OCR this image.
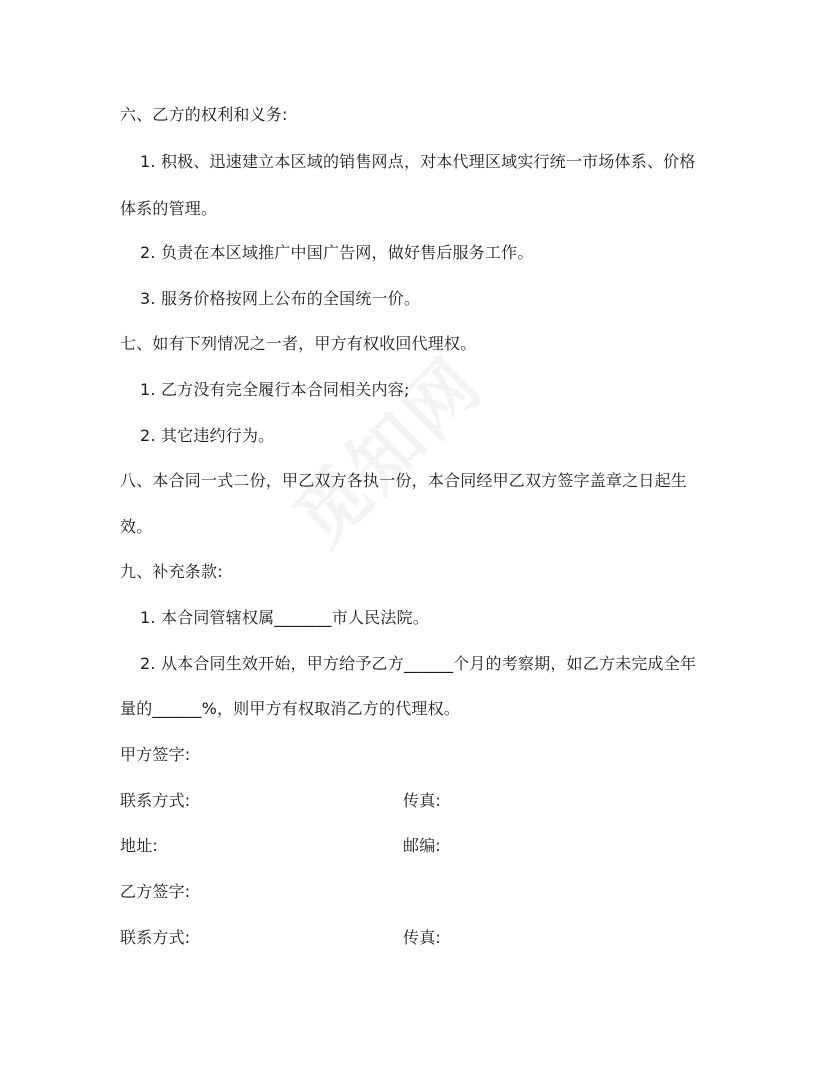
六、乙方的权利和义务:
1. 积极、迅速建立本区域的销售网点，对本代理区域实行统一市场体系、价格
体系的管理。
2. 负责在本区域推广中国广告网，做好售后服务工作。
3. 服务价格按网上公布的全国统一价。
七、如有下列情况之一者，甲方有权收回代理权。
1. 乙方没有完全履行本合同相关内容;
2. 其它违约行为。
八、本合同一式二份，甲乙双方各执一份，本合同经甲乙双方签字盖章之日起生
效。
九、补充条款:
1. 本合同管辖权属_______市人民法院。
2. 从本合同生效开始，甲方给予乙方______个月的考察期，如乙方未完成全年
量的______%，则甲方有权取消乙方的代理权。
甲方签字:
联系方式:	传真:
地址:	邮编:
乙方签字:
联系方式:	传真:
